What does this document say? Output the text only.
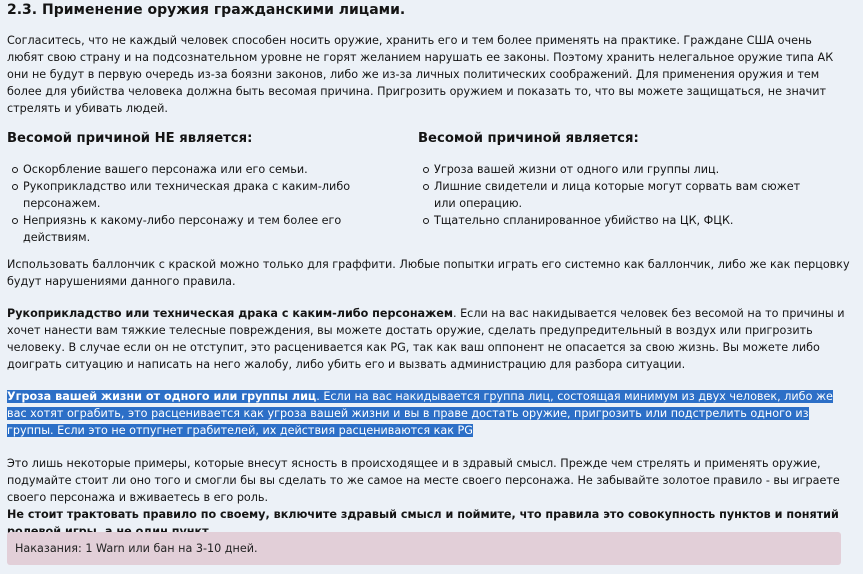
2.3. Применение оружия гражданскими лицами.

Согласитесь, что не каждый человек способен носить оружие, хранить его и тем более применять на практике. Граждане США очень любят свою страну и на подсознательном уровне не горят желанием нарушать ее законы. Поэтому хранить нелегальное оружие типа АК они не будут в первую очередь из-за боязни законов, либо же из-за личных политических соображений. Для применения оружия и тем более для убийства человека должна быть весомая причина. Пригрозить оружием и показать то, что вы можете защищаться, не значит стрелять и убивать людей.

Весомой причиной НЕ является:
Оскорбление вашего персонажа или его семьи.
Рукоприкладство или техническая драка с каким-либо персонажем.
Неприязнь к какому-либо персонажу и тем более его действиям.
Весомой причиной является:
Угроза вашей жизни от одного или группы лиц.
Лишние свидетели и лица которые могут сорвать вам сюжет или операцию.
Тщательно спланированное убийство на ЦК, ФЦК.

Использовать баллончик с краской можно только для граффити. Любые попытки играть его системно как баллончик, либо же как перцовку будут нарушениями данного правила.

Рукоприкладство или техническая драка с каким-либо персонажем. Если на вас накидывается человек без весомой на то причины и хочет нанести вам тяжкие телесные повреждения, вы можете достать оружие, сделать предупредительный в воздух или пригрозить человеку. В случае если он не отступит, это расценивается как PG, так как ваш оппонент не опасается за свою жизнь. Вы можете либо доиграть ситуацию и написать на него жалобу, либо убить его и вызвать администрацию для разбора ситуации.

Угроза вашей жизни от одного или группы лиц. Если на вас накидывается группа лиц, состоящая минимум из двух человек, либо же вас хотят ограбить, это расценивается как угроза вашей жизни и вы в праве достать оружие, пригрозить или подстрелить одного из группы. Если это не отпугнет грабителей, их действия расцениваются как PG

Это лишь некоторые примеры, которые внесут ясность в происходящее и в здравый смысл. Прежде чем стрелять и применять оружие, подумайте стоит ли оно того и смогли бы вы сделать то же самое на месте своего персонажа. Не забывайте золотое правило - вы играете своего персонажа и вживаетесь в его роль.

Не стоит трактовать правило по своему, включите здравый смысл и поймите, что правила это совокупность пунктов и понятий

Наказания: 1 Warn или бан на 3-10 дней.
